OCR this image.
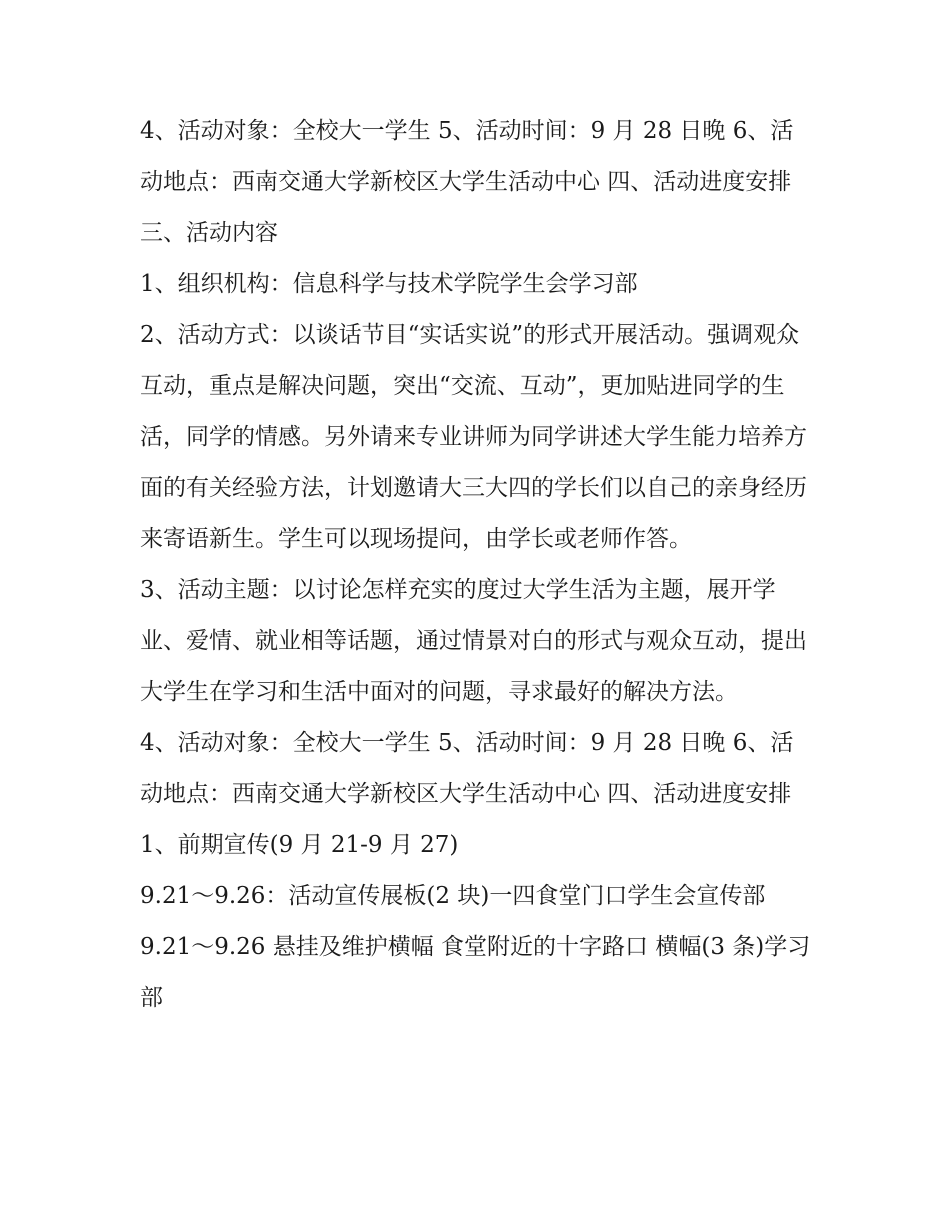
4、活动对象：全校大一学生 5、活动时间：9 月 28 日晚 6、活动地点：西南交通大学新校区大学生活动中心 四、活动进度安排 三、活动内容

1、组织机构：信息科学与技术学院学生会学习部

2、活动方式：以谈话节目“实话实说”的形式开展活动。强调观众互动，重点是解决问题，突出“交流、互动”，更加贴进同学的生活，同学的情感。另外请来专业讲师为同学讲述大学生能力培养方面的有关经验方法，计划邀请大三大四的学长们以自己的亲身经历来寄语新生。学生可以现场提问，由学长或老师作答。

3、活动主题：以讨论怎样充实的度过大学生活为主题，展开学业、爱情、就业相等话题，通过情景对白的形式与观众互动，提出大学生在学习和生活中面对的问题，寻求最好的解决方法。

4、活动对象：全校大一学生 5、活动时间：9 月 28 日晚 6、活动地点：西南交通大学新校区大学生活动中心 四、活动进度安排 1、前期宣传(9 月 21-9 月 27)

9.21～9.26：活动宣传展板(2 块)一四食堂门口学生会宣传部

9.21～9.26 悬挂及维护横幅 食堂附近的十字路口 横幅(3 条)学习部
